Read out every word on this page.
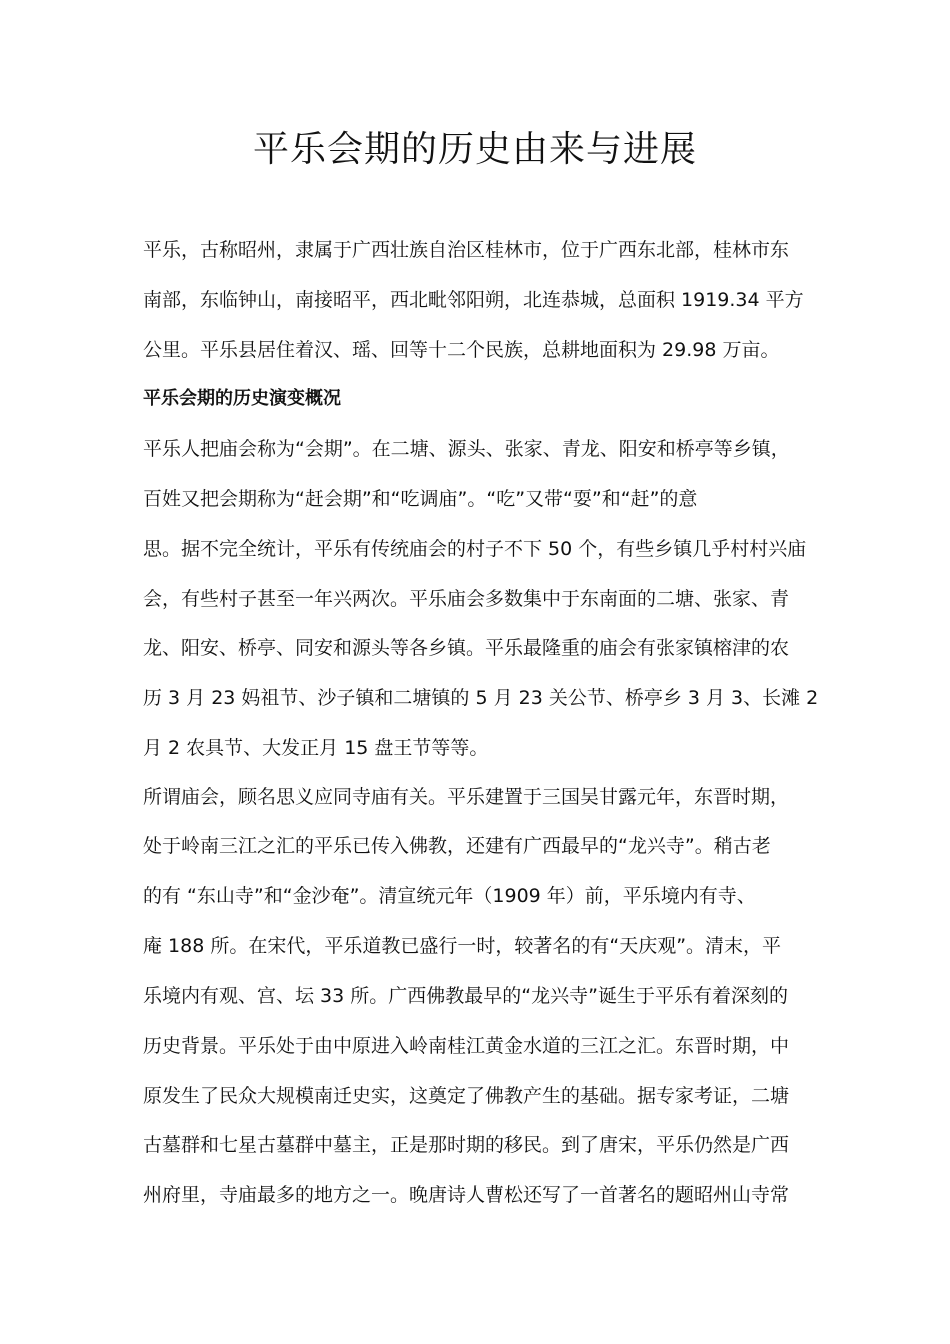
平乐会期的历史由来与进展

平乐，古称昭州，隶属于广西壮族自治区桂林市，位于广西东北部，桂林市东

南部，东临钟山，南接昭平，西北毗邻阳朔，北连恭城，总面积 1919.34 平方

公里。平乐县居住着汉、瑶、回等十二个民族，总耕地面积为 29.98 万亩。

平乐会期的历史演变概况

平乐人把庙会称为“会期”。在二塘、源头、张家、青龙、阳安和桥亭等乡镇，

百姓又把会期称为“赶会期”和“吃调庙”。“吃”又带“耍”和“赶”的意

思。据不完全统计，平乐有传统庙会的村子不下 50 个，有些乡镇几乎村村兴庙

会，有些村子甚至一年兴两次。平乐庙会多数集中于东南面的二塘、张家、青

龙、阳安、桥亭、同安和源头等各乡镇。平乐最隆重的庙会有张家镇榕津的农

历 3 月 23 妈祖节、沙子镇和二塘镇的 5 月 23 关公节、桥亭乡 3 月 3、长滩 2

月 2 农具节、大发正月 15 盘王节等等。

所谓庙会，顾名思义应同寺庙有关。平乐建置于三国吴甘露元年，东晋时期，

处于岭南三江之汇的平乐已传入佛教，还建有广西最早的“龙兴寺”。稍古老

的有 “东山寺”和“金沙奄”。清宣统元年（1909 年）前，平乐境内有寺、

庵 188 所。在宋代，平乐道教已盛行一时，较著名的有“天庆观”。清末，平

乐境内有观、宫、坛 33 所。广西佛教最早的“龙兴寺”诞生于平乐有着深刻的

历史背景。平乐处于由中原进入岭南桂江黄金水道的三江之汇。东晋时期，中

原发生了民众大规模南迁史实，这奠定了佛教产生的基础。据专家考证，二塘

古墓群和七星古墓群中墓主，正是那时期的移民。到了唐宋，平乐仍然是广西

州府里，寺庙最多的地方之一。晚唐诗人曹松还写了一首著名的题昭州山寺常
